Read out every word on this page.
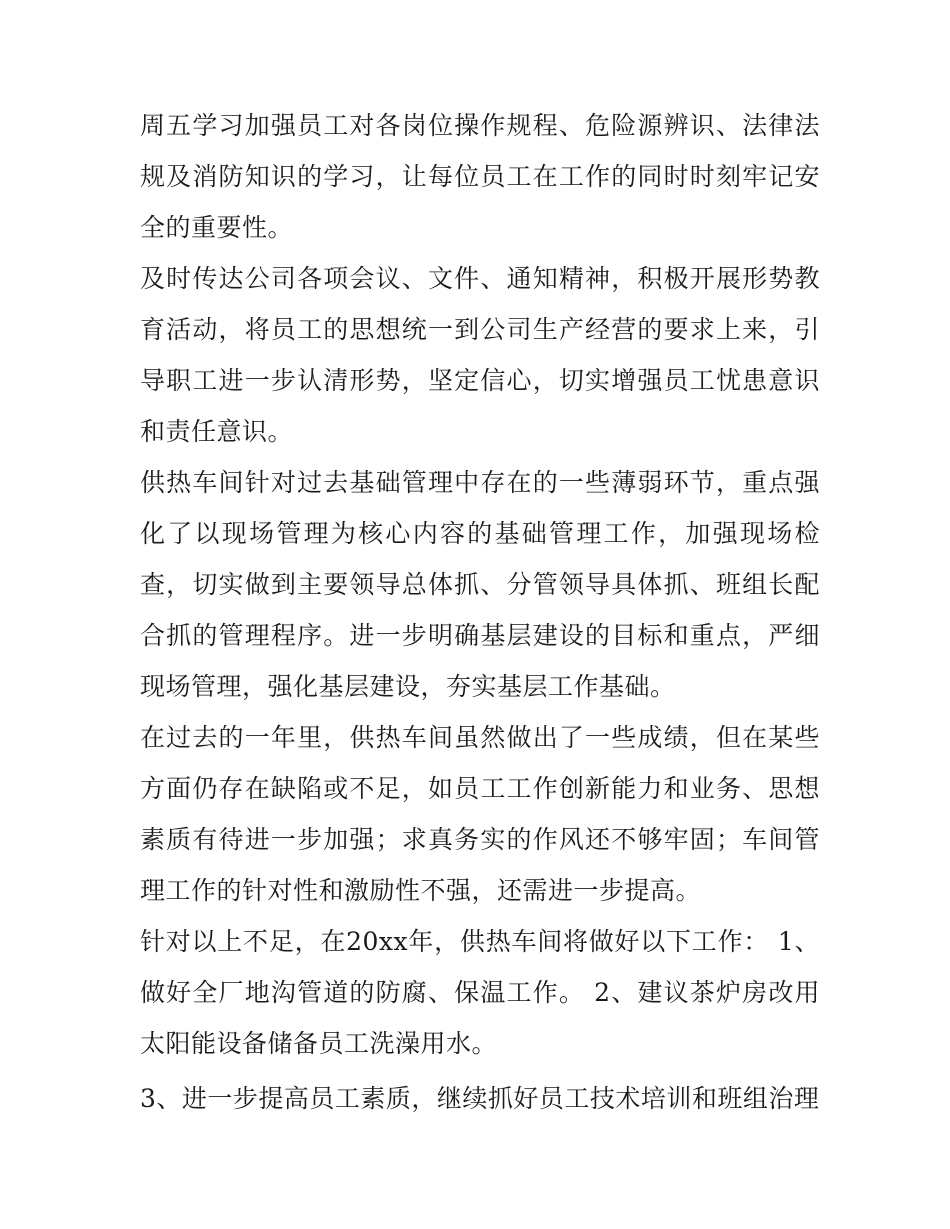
周五学习加强员工对各岗位操作规程、危险源辨识、法律法规及消防知识的学习，让每位员工在工作的同时时刻牢记安全的重要性。

及时传达公司各项会议、文件、通知精神，积极开展形势教育活动，将员工的思想统一到公司生产经营的要求上来，引导职工进一步认清形势，坚定信心，切实增强员工忧患意识和责任意识。

供热车间针对过去基础管理中存在的一些薄弱环节，重点强化了以现场管理为核心内容的基础管理工作，加强现场检查，切实做到主要领导总体抓、分管领导具体抓、班组长配合抓的管理程序。进一步明确基层建设的目标和重点，严细现场管理，强化基层建设，夯实基层工作基础。

在过去的一年里，供热车间虽然做出了一些成绩，但在某些方面仍存在缺陷或不足，如员工工作创新能力和业务、思想素质有待进一步加强；求真务实的作风还不够牢固；车间管理工作的针对性和激励性不强，还需进一步提高。

针对以上不足，在20xx年，供热车间将做好以下工作： 1、做好全厂地沟管道的防腐、保温工作。 2、建议茶炉房改用太阳能设备储备员工洗澡用水。

3、进一步提高员工素质，继续抓好员工技术培训和班组治理
